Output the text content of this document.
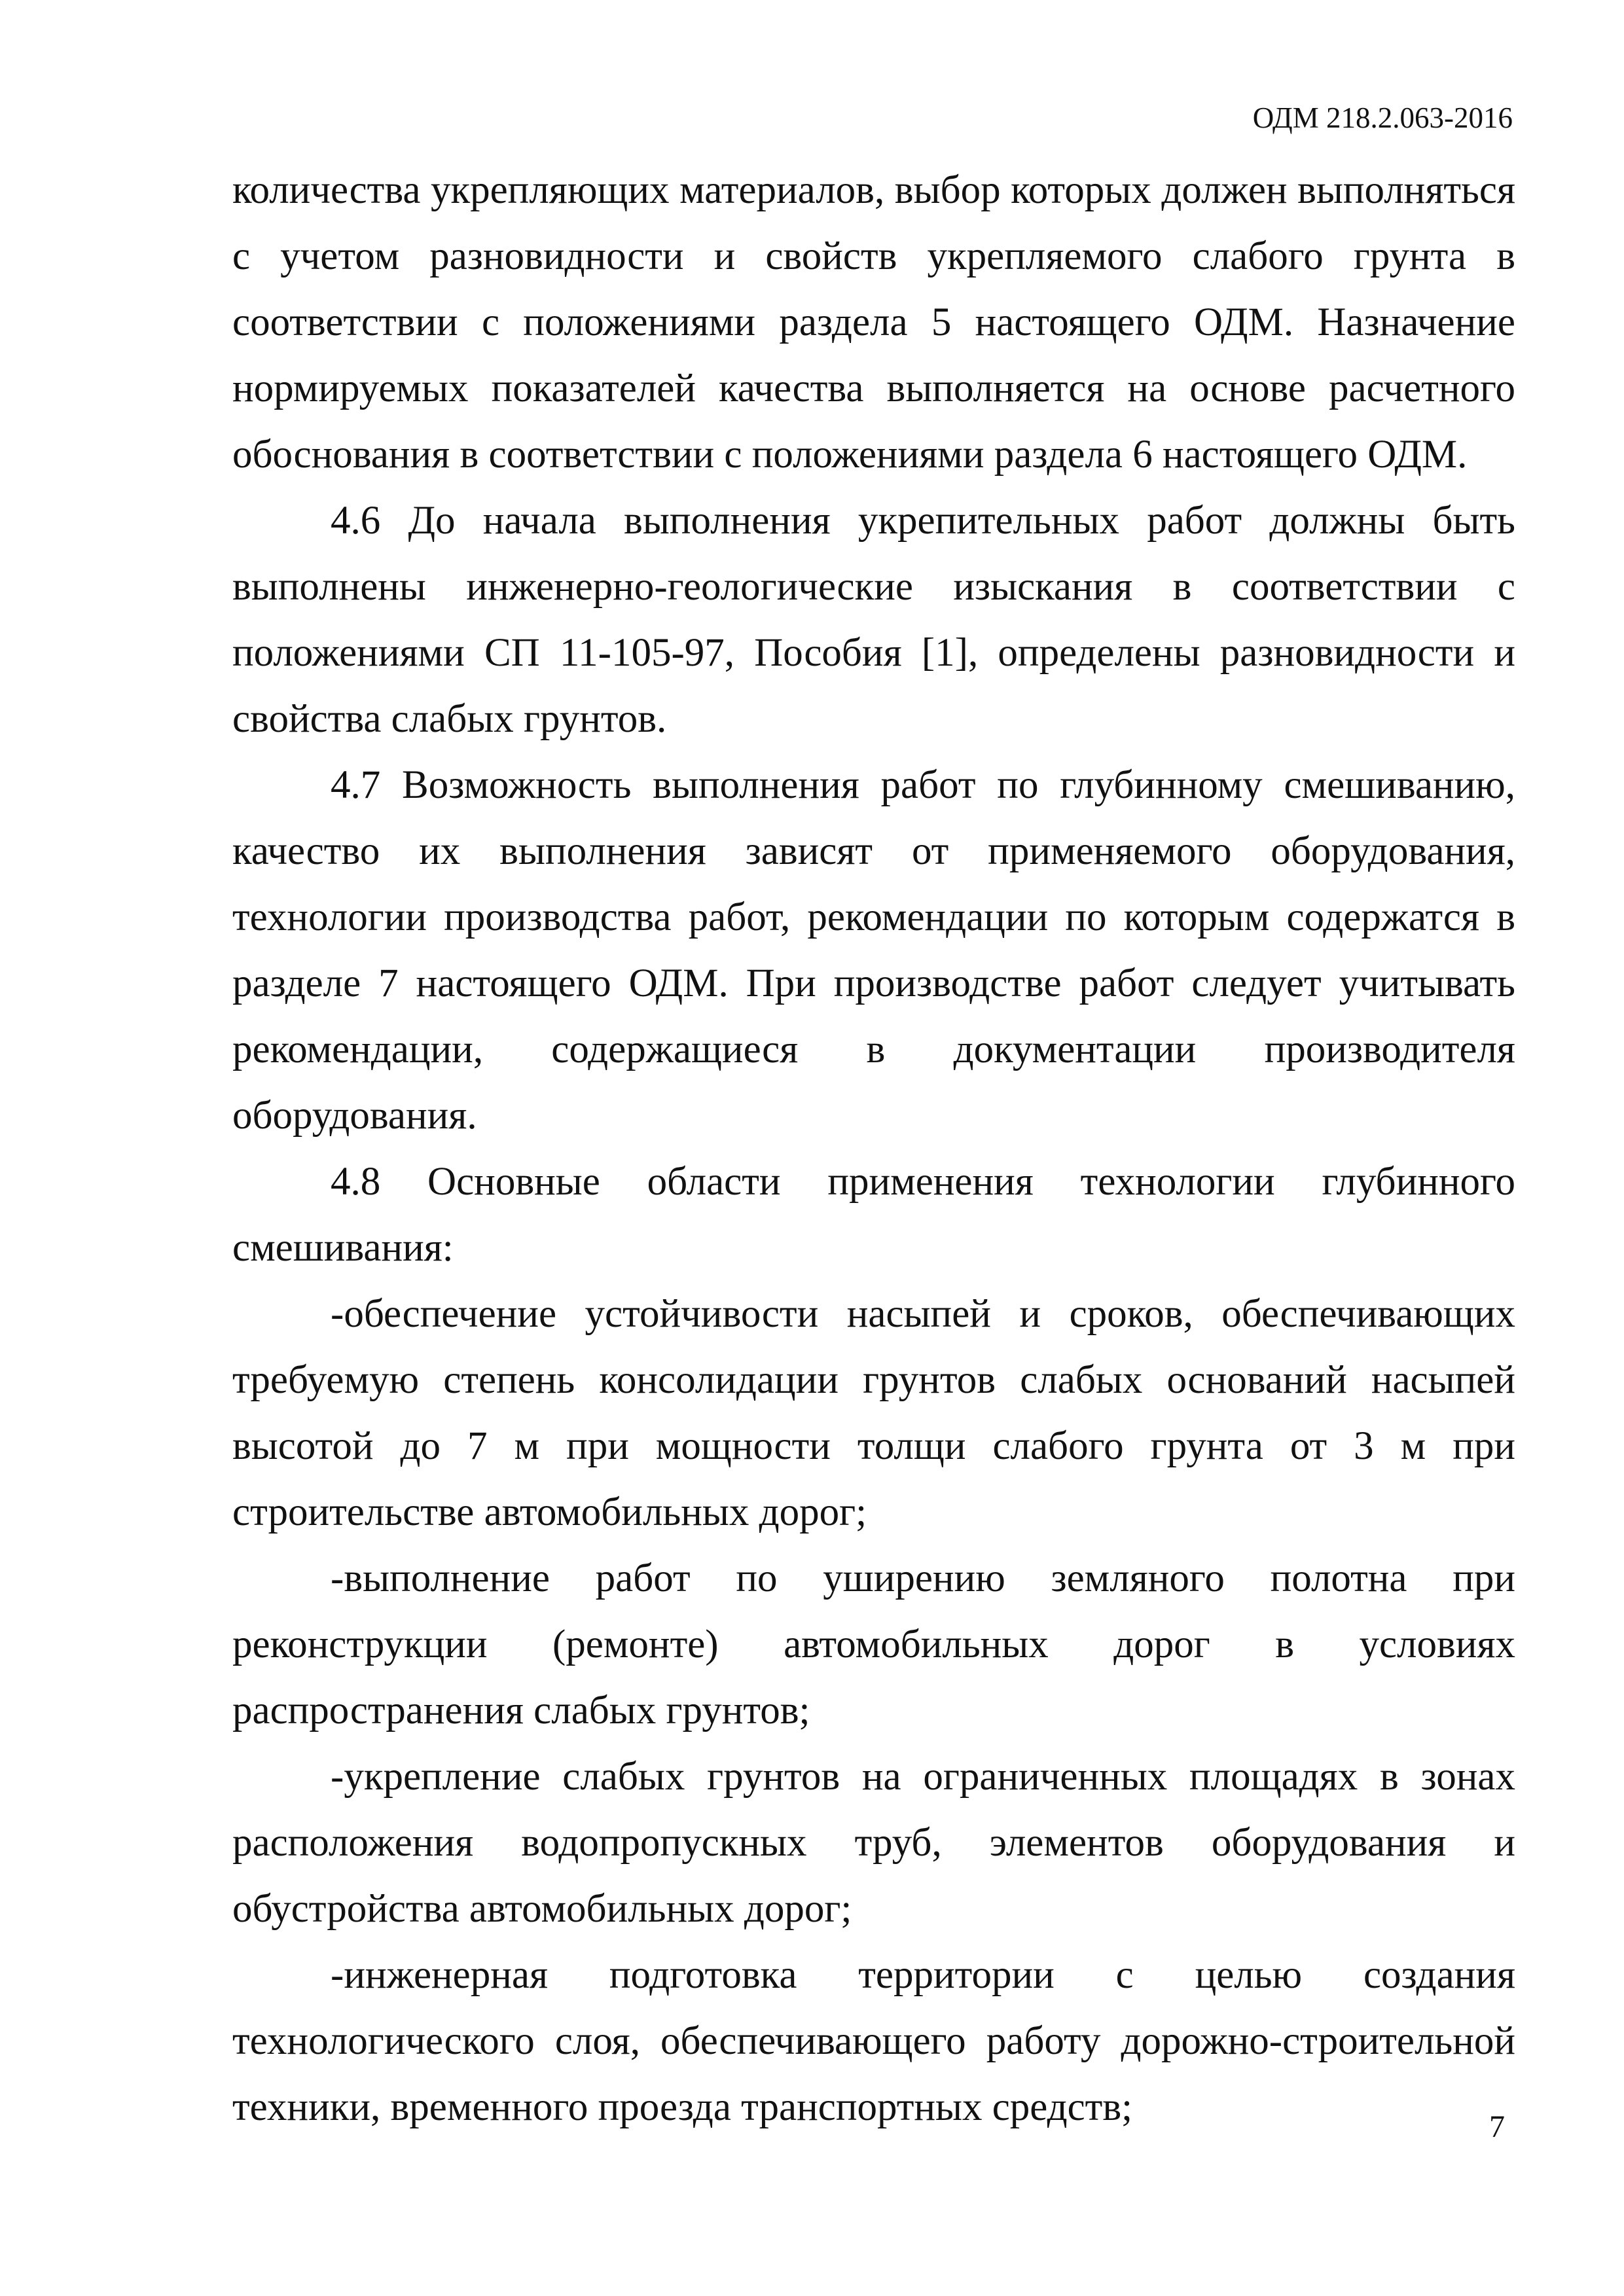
ОДМ 218.2.063-2016

количества укрепляющих материалов, выбор которых должен выполняться с учетом разновидности и свойств укрепляемого слабого грунта в соответствии с положениями раздела 5 настоящего ОДМ. Назначение нормируемых показателей качества выполняется на основе расчетного обоснования в соответствии с положениями раздела 6 настоящего ОДМ.

4.6 До начала выполнения укрепительных работ должны быть выполнены инженерно-геологические изыскания в соответствии с положениями СП 11-105-97, Пособия [1], определены разновидности и свойства слабых грунтов.

4.7 Возможность выполнения работ по глубинному смешиванию, качество их выполнения зависят от применяемого оборудования, технологии производства работ, рекомендации по которым содержатся в разделе 7 настоящего ОДМ. При производстве работ следует учитывать рекомендации, содержащиеся в документации производителя оборудования.

4.8 Основные области применения технологии глубинного смешивания:

-обеспечение устойчивости насыпей и сроков, обеспечивающих требуемую степень консолидации грунтов слабых оснований насыпей высотой до 7 м при мощности толщи слабого грунта от 3 м при строительстве автомобильных дорог;

-выполнение работ по уширению земляного полотна при реконструкции (ремонте) автомобильных дорог в условиях распространения слабых грунтов;

-укрепление слабых грунтов на ограниченных площадях в зонах расположения водопропускных труб, элементов оборудования и обустройства автомобильных дорог;

-инженерная подготовка территории с целью создания технологического слоя, обеспечивающего работу дорожно-строительной техники, временного проезда транспортных средств;	7
